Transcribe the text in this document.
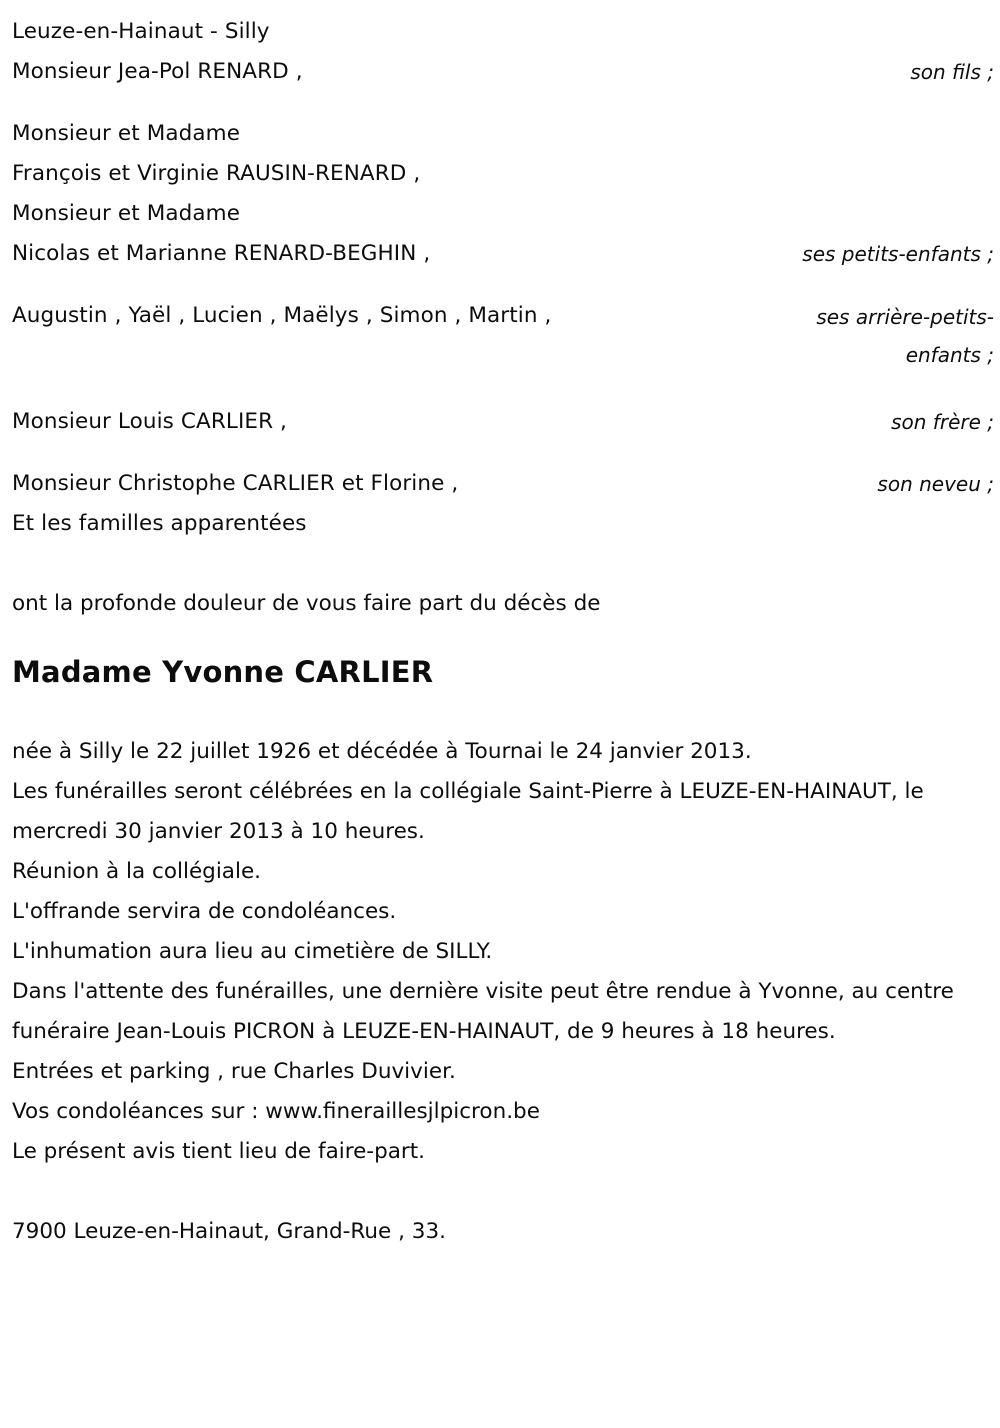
Leuze-en-Hainaut - Silly
Monsieur Jea-Pol RENARD ,	son fils ;
Monsieur et Madame
François et Virginie RAUSIN-RENARD ,
Monsieur et Madame
Nicolas et Marianne RENARD-BEGHIN ,	ses petits-enfants ;
Augustin , Yaël , Lucien , Maëlys , Simon , Martin ,	ses arrière-petits-enfants ;
Monsieur Louis CARLIER ,	son frère ;
Monsieur Christophe CARLIER et Florine ,	son neveu ;
Et les familles apparentées
ont la profonde douleur de vous faire part du décès de
Madame Yvonne CARLIER
née à Silly le 22 juillet 1926 et décédée à Tournai le 24 janvier 2013.
Les funérailles seront célébrées en la collégiale Saint-Pierre à LEUZE-EN-HAINAUT, le mercredi 30 janvier 2013 à 10 heures.
Réunion à la collégiale.
L'offrande servira de condoléances.
L'inhumation aura lieu au cimetière de SILLY.
Dans l'attente des funérailles, une dernière visite peut être rendue à Yvonne, au centre funéraire Jean-Louis PICRON à LEUZE-EN-HAINAUT, de 9 heures à 18 heures.
Entrées et parking , rue Charles Duvivier.
Vos condoléances sur : www.fineraillesjlpicron.be
Le présent avis tient lieu de faire-part.
7900 Leuze-en-Hainaut, Grand-Rue , 33.
